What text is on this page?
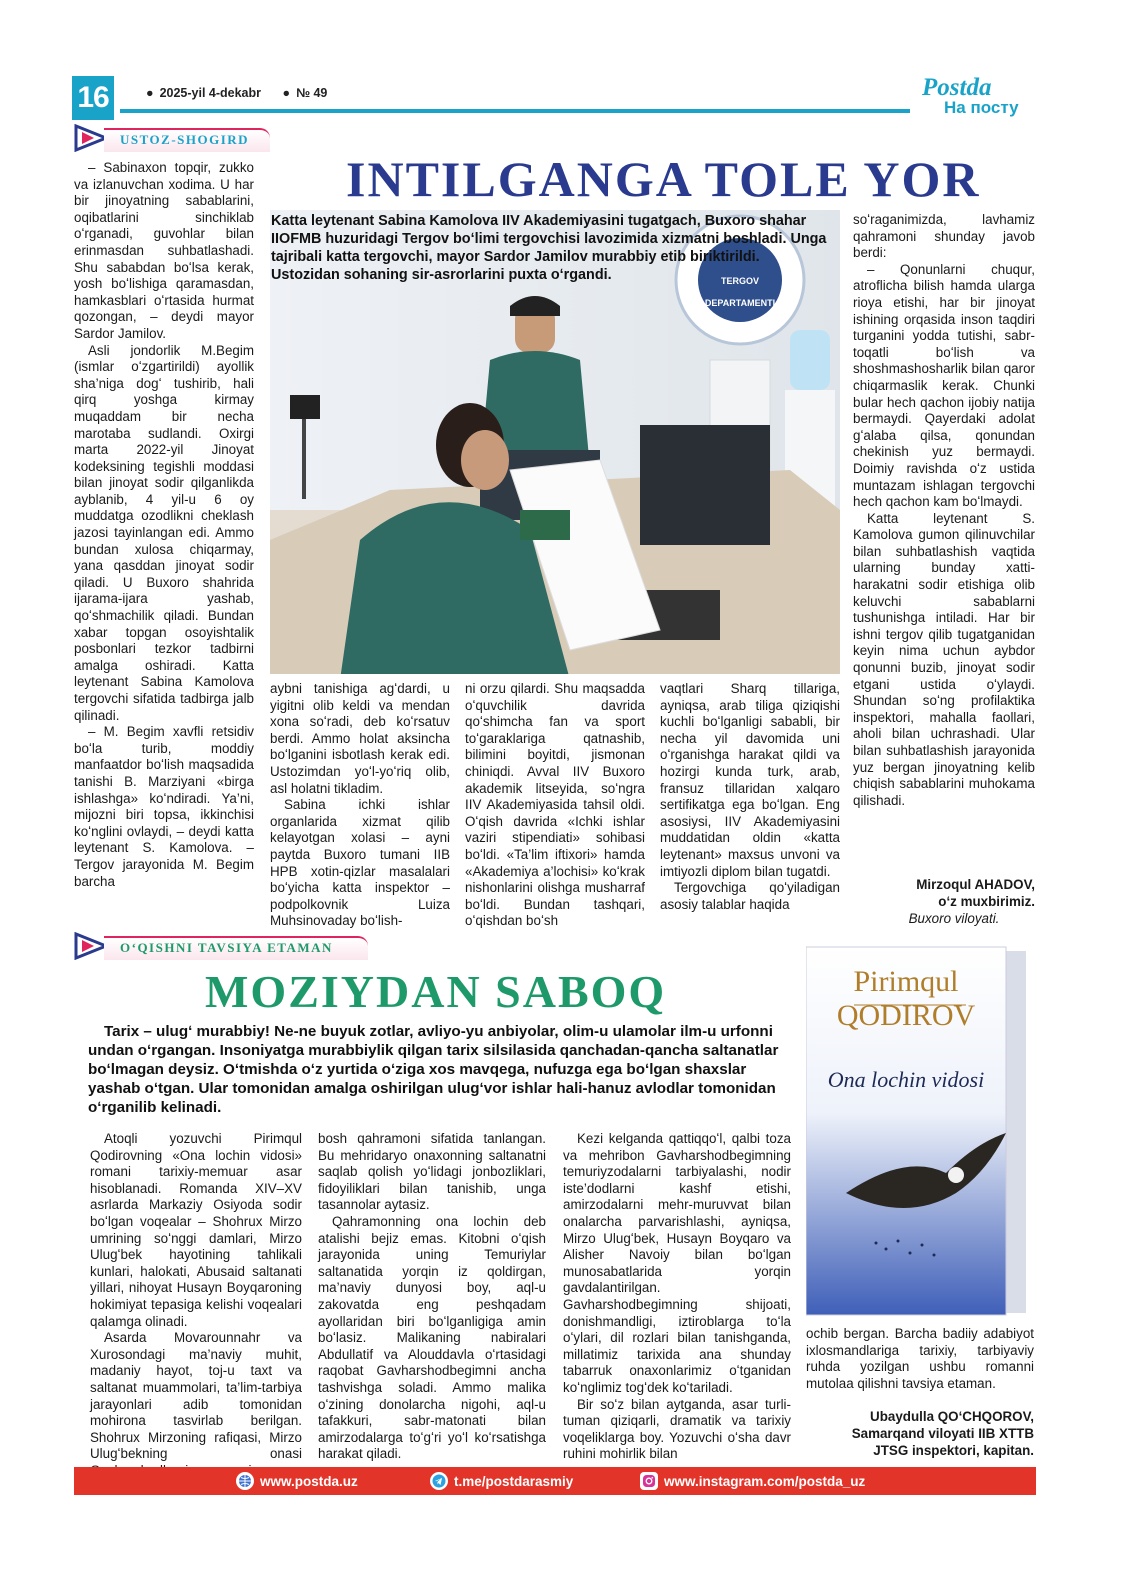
16	● 2025-yil 4-dekabr ● № 49	Postda
На посту
USTOZ-SHOGIRD
INTILGANGA TOLE YOR
TERGOV
DEPARTAMENTI
Katta leytenant Sabina Kamolova IIV Akademiyasini tugatgach, Buxoro shahar IIOFMB huzuridagi Tergov boʻlimi tergovchisi lavozimida xizmatni boshladi. Unga tajribali katta tergovchi, mayor Sardor Jamilov murabbiy etib biriktirildi. Ustozidan sohaning sir-asrorlarini puxta oʻrgandi.

– Sabinaxon topqir, zukko va izlanuvchan xodima. U har bir jinoyatning sabablarini, oqibatlarini sinchiklab oʻrganadi, guvohlar bilan erinmasdan suhbatlashadi. Shu sababdan boʻlsa kerak, yosh boʻlishiga qaramasdan, hamkasblari oʻrtasida hurmat qozongan, – deydi mayor Sardor Jamilov.

Asli jondorlik M.Begim (ismlar oʻzgartirildi) ayollik sha’niga dogʻ tushirib, hali qirq yoshga kirmay muqaddam bir necha marotaba sudlandi. Oxirgi marta 2022-yil Jinoyat kodeksining tegishli moddasi bilan jinoyat sodir qilganlikda ayblanib, 4 yil-u 6 oy muddatga ozodlikni cheklash jazosi tayinlangan edi. Ammo bundan xulosa chiqarmay, yana qasddan jinoyat sodir qiladi. U Buxoro shahrida ijarama-ijara yashab, qoʻshmachilik qiladi. Bundan xabar topgan osoyishtalik posbonlari tezkor tadbirni amalga oshiradi. Katta leytenant Sabina Kamolova tergovchi sifatida tadbirga jalb qilinadi.

– M. Begim xavfli retsidiv boʻla turib, moddiy manfaatdor boʻlish maqsadida tanishi B. Marziyani «birga ishlashga» koʻndiradi. Ya’ni, mijozni biri topsa, ikkinchisi koʻnglini ovlaydi, – deydi katta leytenant S. Kamolova. – Tergov jarayonida M. Begim barcha

aybni tanishiga agʻdardi, u yigitni olib keldi va mendan xona soʻradi, deb koʻrsatuv berdi. Ammo holat aksincha boʻlganini isbotlash kerak edi. Ustozimdan yoʻl-yoʻriq olib, asl holatni tikladim.

Sabina ichki ishlar organlarida xizmat qilib kelayotgan xolasi – ayni paytda Buxoro tumani IIB HPB xotin-qizlar masalalari boʻyicha katta inspektor – podpolkovnik Luiza Muhsinovaday boʻlish-

ni orzu qilardi. Shu maqsadda oʻquvchilik davrida qoʻshimcha fan va sport toʻgaraklariga qatnashib, bilimini boyitdi, jismonan chiniqdi. Avval IIV Buxoro akademik litseyida, soʻngra IIV Akademiyasida tahsil oldi. Oʻqish davrida «Ichki ishlar vaziri stipendiati» sohibasi boʻldi. «Ta’lim iftixori» hamda «Akademiya a’lochisi» koʻkrak nishonlarini olishga musharraf boʻldi. Bundan tashqari, oʻqishdan boʻsh

vaqtlari Sharq tillariga, ayniqsa, arab tiliga qiziqishi kuchli boʻlganligi sababli, bir necha yil davomida uni oʻrganishga harakat qildi va hozirgi kunda turk, arab, fransuz tillaridan xalqaro sertifikatga ega boʻlgan. Eng asosiysi, IIV Akademiyasini muddatidan oldin «katta leytenant» maxsus unvoni va imtiyozli diplom bilan tugatdi.

Tergovchiga qoʻyiladigan asosiy talablar haqida

soʻraganimizda, lavhamiz qahramoni shunday javob berdi:

– Qonunlarni chuqur, atroflicha bilish hamda ularga rioya etishi, har bir jinoyat ishining orqasida inson taqdiri turganini yodda tutishi, sabr-toqatli boʻlish va shoshmashosharlik bilan qaror chiqarmaslik kerak. Chunki bular hech qachon ijobiy natija bermaydi. Qayerdaki adolat gʻalaba qilsa, qonundan chekinish yuz bermaydi. Doimiy ravishda oʻz ustida muntazam ishlagan tergovchi hech qachon kam boʻlmaydi.

Katta leytenant S. Kamolova gumon qilinuvchilar bilan suhbatlashish vaqtida ularning bunday xatti-harakatni sodir etishiga olib keluvchi sabablarni tushunishga intiladi. Har bir ishni tergov qilib tugatganidan keyin nima uchun aybdor qonunni buzib, jinoyat sodir etgani ustida oʻylaydi. Shundan soʻng profilaktika inspektori, mahalla faollari, aholi bilan uchrashadi. Ular bilan suhbatlashish jarayonida yuz bergan jinoyatning kelib chiqish sabablarini muhokama qilishadi.

Mirzoqul AHADOV,
oʻz muxbirimiz.
Buxoro viloyati.
OʻQISHNI TAVSIYA ETAMAN
MOZIYDAN SABOQ
Tarix – ulugʻ murabbiy! Ne-ne buyuk zotlar, avliyo-yu anbiyolar, olim-u ulamolar ilm-u urfonni undan oʻrgangan. Insoniyatga murabbiylik qilgan tarix silsilasida qanchadan-qancha saltanatlar boʻlmagan deysiz. Oʻtmishda oʻz yurtida oʻziga xos mavqega, nufuzga ega boʻlgan shaxslar yashab oʻtgan. Ular tomonidan amalga oshirilgan ulugʻvor ishlar hali-hanuz avlodlar tomonidan oʻrganilib kelinadi.
Pirimqul
QODIROV
Ona lochin vidosi

Atoqli yozuvchi Pirimqul Qodirovning «Ona lochin vidosi» romani tarixiy-memuar asar hisoblanadi. Romanda XIV–XV asrlarda Markaziy Osiyoda sodir boʻlgan voqealar – Shohrux Mirzo umrining soʻnggi damlari, Mirzo Ulugʻbek hayotining tahlikali kunlari, halokati, Abusaid saltanati yillari, nihoyat Husayn Boyqaroning hokimiyat tepasiga kelishi voqealari qalamga olinadi.

Asarda Movarounnahr va Xurosondagi ma’naviy muhit, madaniy hayot, toj-u taxt va saltanat muammolari, ta’lim-tarbiya jarayonlari adib tomonidan mohirona tasvirlab berilgan. Shohrux Mirzoning rafiqasi, Mirzo Ulugʻbekning onasi

bosh qahramoni sifatida tanlangan. Bu mehridaryo onaxonning saltanatni saqlab qolish yoʻlidagi jonbozliklari, fidoyiliklari bilan tanishib, unga tasannolar aytasiz.

Qahramonning ona lochin deb atalishi bejiz emas. Kitobni oʻqish jarayonida uning Temuriylar saltanatida yorqin iz qoldirgan, ma’naviy dunyosi boy, aql-u zakovatda eng peshqadam ayollaridan biri boʻlganligiga amin boʻlasiz. Malikaning nabiralari Abdullatif va Alouddavla oʻrtasidagi raqobat Gavharshodbegimni ancha tashvishga soladi. Ammo malika oʻzining donolarcha nigohi, aql-u tafakkuri, sabr-matonati bilan amirzodalarga toʻgʻri yoʻl koʻrsatishga harakat qiladi.

Kezi kelganda qattiqqoʻl, qalbi toza va mehribon Gavharshodbegimning temuriyzodalarni tarbiyalashi, nodir iste’dodlarni kashf etishi, amirzodalarni mehr-muruvvat bilan onalarcha parvarishlashi, ayniqsa, Mirzo Ulugʻbek, Husayn Boyqaro va Alisher Navoiy bilan boʻlgan munosabatlarida yorqin gavdalantirilgan. Gavharshodbegimning shijoati, donishmandligi, iztiroblarga toʻla oʻylari, dil rozlari bilan tanishganda, millatimiz tarixida ana shunday tabarruk onaxonlarimiz oʻtganidan koʻnglimiz togʻdek koʻtariladi.

Bir soʻz bilan aytganda, asar turli-tuman qiziqarli, dramatik va tarixiy voqeliklarga boy. Yozuvchi oʻsha davr ruhini mohirlik bilan

ochib bergan. Barcha badiiy adabiyot ixlosmandlariga tarixiy, tarbiyaviy ruhda yozilgan ushbu romanni mutolaa qilishni tavsiya etaman.

Ubaydulla QOʻCHQOROV,
Samarqand viloyati IIB XTTB
JTSG inspektori, kapitan.
www.postda.uz	t.me/postdarasmiy	www.instagram.com/postda_uz
